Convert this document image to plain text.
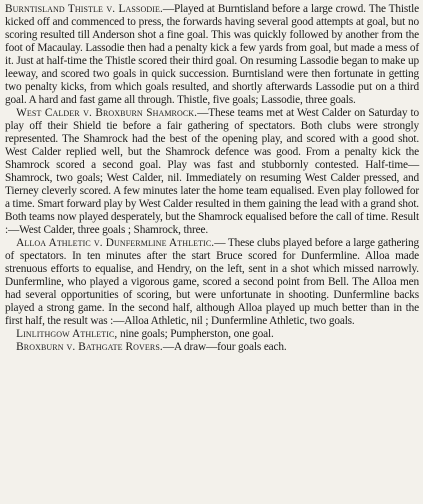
Burntisland Thistle v. Lassodie.—Played at Burntisland before a large crowd. The Thistle kicked off and commenced to press, the forwards having several good attempts at goal, but no scoring resulted till Anderson shot a fine goal. This was quickly followed by another from the foot of Macaulay. Lassodie then had a penalty kick a few yards from goal, but made a mess of it. Just at half-time the Thistle scored their third goal. On resuming Lassodie began to make up leeway, and scored two goals in quick succession. Burntisland were then fortunate in getting two penalty kicks, from which goals resulted, and shortly afterwards Lassodie put on a third goal. A hard and fast game all through. Thistle, five goals; Lassodie, three goals.

 West Calder v. Broxburn Shamrock.—These teams met at West Calder on Saturday to play off their Shield tie before a fair gathering of spectators. Both clubs were strongly represented. The Shamrock had the best of the opening play, and scored with a good shot. West Calder replied well, but the Shamrock defence was good. From a penalty kick the Shamrock scored a second goal. Play was fast and stubbornly contested. Half-time—Shamrock, two goals; West Calder, nil. Immediately on resuming West Calder pressed, and Tierney cleverly scored. A few minutes later the home team equalised. Even play followed for a time. Smart forward play by West Calder resulted in them gaining the lead with a grand shot. Both teams now played desperately, but the Shamrock equalised before the call of time. Result :—West Calder, three goals ; Shamrock, three.

 Alloa Athletic v. Dunfermline Athletic.— These clubs played before a large gathering of spectators. In ten minutes after the start Bruce scored for Dunfermline. Alloa made strenuous efforts to equalise, and Hendry, on the left, sent in a shot which missed narrowly. Dunfermline, who played a vigorous game, scored a second point from Bell. The Alloa men had several opportunities of scoring, but were unfortunate in shooting. Dunfermline backs played a strong game. In the second half, although Alloa played up much better than in the first half, the result was :—Alloa Athletic, nil ; Dunfermline Athletic, two goals.

 Linlithgow Athletic, nine goals; Pumpherston, one goal.

 Broxburn v. Bathgate Rovers.—A draw—four goals each.
